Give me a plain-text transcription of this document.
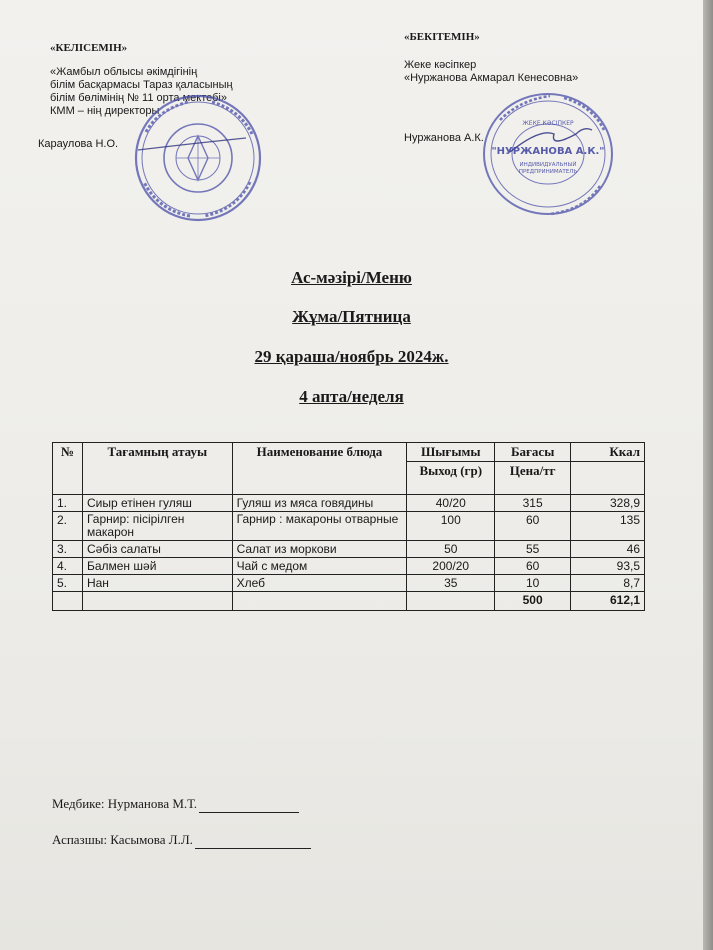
«КЕЛІСЕМІН»
«Жамбыл облысы әкімдігінің
білім басқармасы Тараз қаласының
білім бөлімінің № 11 орта мектебі»
КММ – нің директоры
Караулова Н.О.
«БЕКІТЕМІН»
Жеке кәсіпкер
«Нуржанова Акмарал Кенесовна»
Нуржанова А.К.
"НУРЖАНОВА А.К."
ЖЕКЕ КӘСІПКЕР
ИНДИВИДУАЛЬНЫЙ ПРЕДПРИНИМАТЕЛЬ
Ас-мәзірі/Меню
Жұма/Пятница
29 қараша/ноябрь 2024ж.
4 апта/неделя
№	Тағамның атауы	Наименование блюда	Шығымы	Бағасы	Ккал
			Выход (гр)	Цена/тг	
1.	Сиыр етінен гуляш	Гуляш из мяса говядины	40/20	315	328,9
2.	Гарнир: пісірілген макарон	Гарнир : макароны отварные	100	60	135
3.	Сәбіз салаты	Салат из моркови	50	55	46
4.	Балмен шәй	Чай с медом	200/20	60	93,5
5.	Нан	Хлеб	35	10	8,7
				500	612,1
Медбике: Нурманова М.Т.
Аспазшы: Касымова Л.Л.
